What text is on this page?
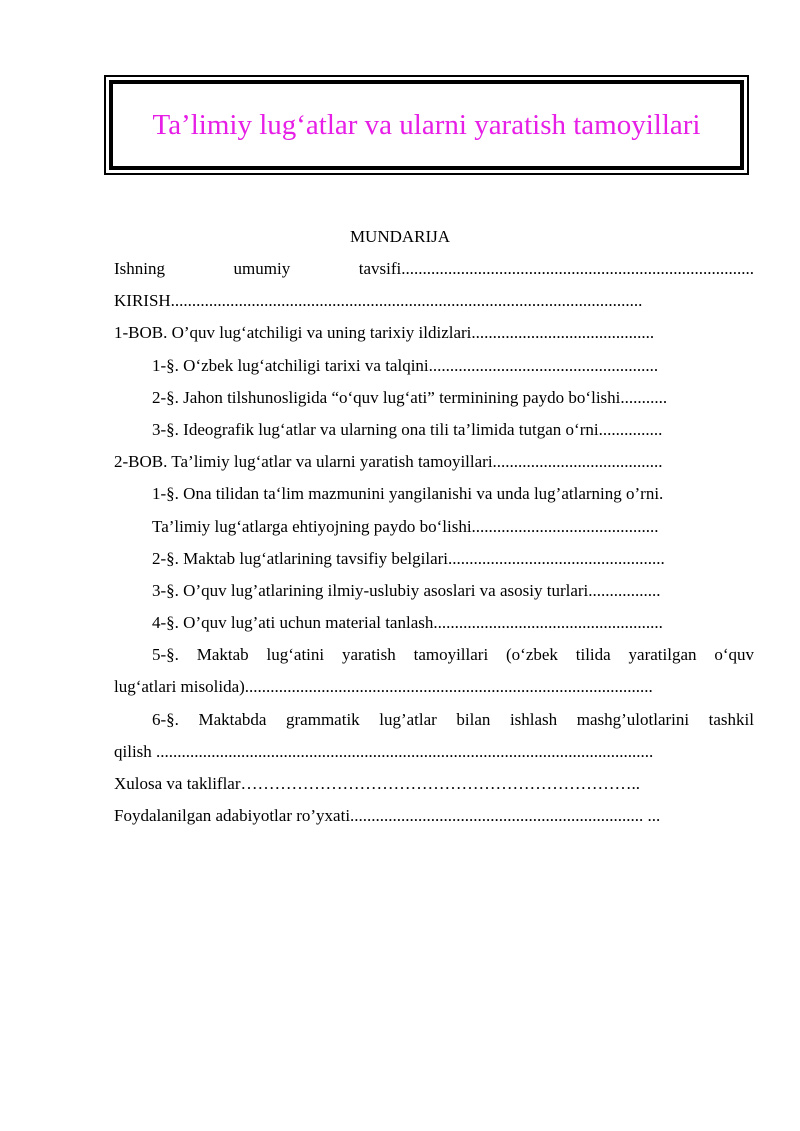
Ta’limiy lug‘atlar va ularni yaratish tamoyillari
MUNDARIJA
Ishning umumiy tavsifi...................................................................................
KIRISH...............................................................................................................
1-BOB. O’quv lug‘atchiligi va uning tarixiy ildizlari...........................................
1-§. O‘zbek lug‘atchiligi tarixi va talqini......................................................
2-§. Jahon tilshunosligida “o‘quv lug‘ati” terminining paydo bo‘lishi...........
3-§. Ideografik lug‘atlar va ularning ona tili ta’limida tutgan o‘rni...............
2-BOB. Ta’limiy lug‘atlar va ularni yaratish tamoyillari........................................
1-§. Ona tilidan ta‘lim mazmunini yangilanishi va unda lug’atlarning o’rni.
Ta’limiy lug‘atlarga ehtiyojning paydo bo‘lishi............................................
2-§. Maktab lug‘atlarining tavsifiy belgilari...................................................
3-§. O’quv lug’atlarining ilmiy-uslubiy asoslari va asosiy turlari.................
4-§. O’quv lug’ati uchun material tanlash......................................................
5-§. Maktab lug‘atini yaratish tamoyillari (o‘zbek tilida yaratilgan o‘quv
lug‘atlari misolida)................................................................................................
6-§. Maktabda grammatik lug’atlar bilan ishlash mashg’ulotlarini tashkil
qilish .....................................................................................................................
Xulosa va takliflar……………………………………………………………..
Foydalanilgan adabiyotlar ro’yxati..................................................................... ...
